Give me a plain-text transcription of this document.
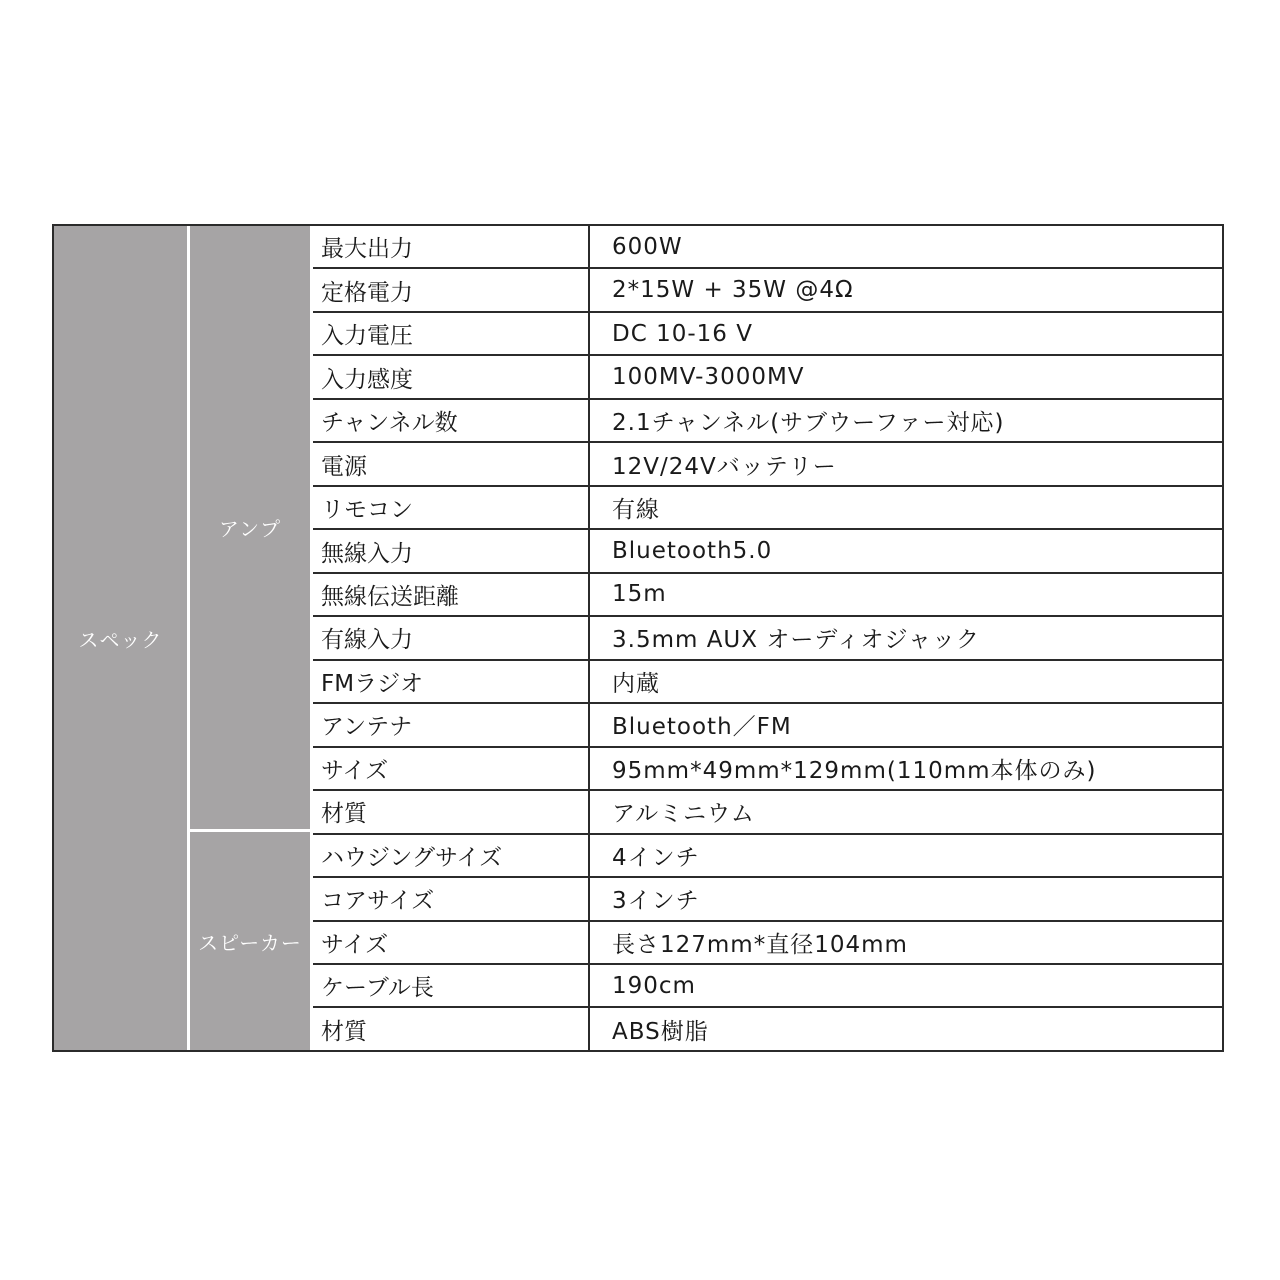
スペック
アンプ
スピーカー
最大出力	600W
定格電力	2*15W + 35W @4Ω
入力電圧	DC 10-16 V
入力感度	100MV-3000MV
チャンネル数	2.1チャンネル(サブウーファー対応)
電源	12V/24Vバッテリー
リモコン	有線
無線入力	Bluetooth5.0
無線伝送距離	15m
有線入力	3.5mm AUX オーディオジャック
FMラジオ	内蔵
アンテナ	Bluetooth／FM
サイズ	95mm*49mm*129mm(110mm本体のみ)
材質	アルミニウム
ハウジングサイズ	4インチ
コアサイズ	3インチ
サイズ	長さ127mm*直径104mm
ケーブル長	190cm
材質	ABS樹脂
